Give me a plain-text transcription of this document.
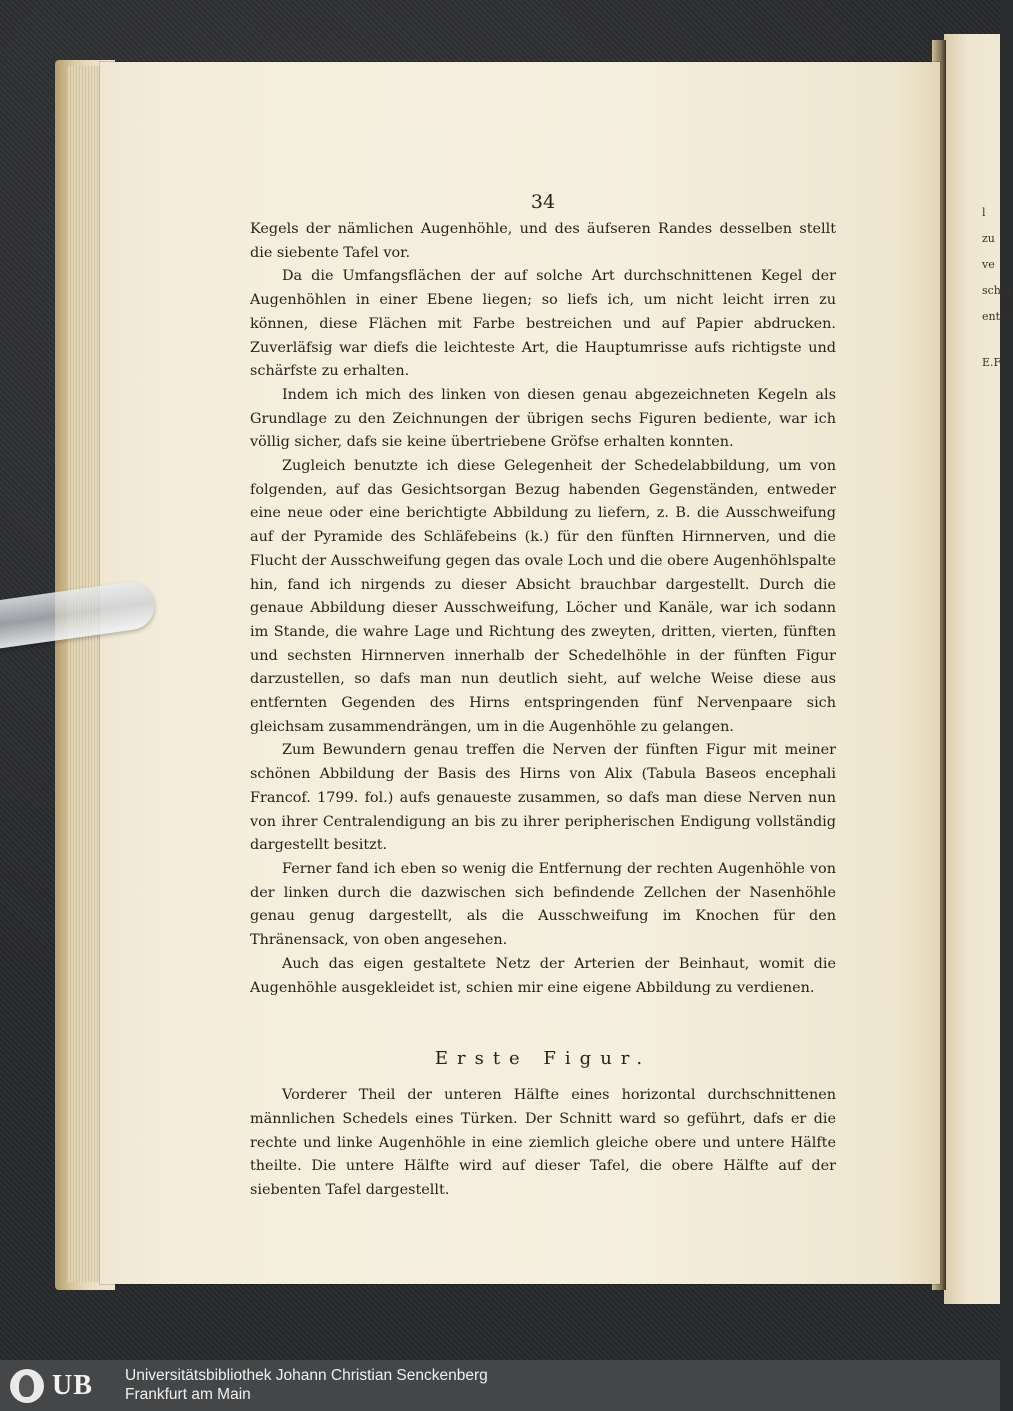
l
zu ve
schei
entsp
E.F
34

Kegels der nämlichen Augenhöhle, und des äufseren Randes desselben stellt die siebente Tafel vor.

Da die Umfangsflächen der auf solche Art durchschnittenen Kegel der Augenhöhlen in einer Ebene liegen; so liefs ich, um nicht leicht irren zu können, diese Flächen mit Farbe bestreichen und auf Papier abdrucken. Zuverläfsig war diefs die leichteste Art, die Hauptumrisse aufs richtigste und schärfste zu erhalten.

Indem ich mich des linken von diesen genau abgezeichneten Kegeln als Grundlage zu den Zeichnungen der übrigen sechs Figuren bediente, war ich völlig sicher, dafs sie keine übertriebene Gröfse erhalten konnten.

Zugleich benutzte ich diese Gelegenheit der Schedelabbildung, um von folgenden, auf das Gesichtsorgan Bezug habenden Gegenständen, entweder eine neue oder eine berichtigte Abbildung zu liefern, z. B. die Ausschweifung auf der Pyramide des Schläfebeins (k.) für den fünften Hirnnerven, und die Flucht der Ausschweifung gegen das ovale Loch und die obere Augenhöhlspalte hin, fand ich nirgends zu dieser Absicht brauchbar dargestellt. Durch die genaue Abbildung dieser Ausschweifung, Löcher und Kanäle, war ich sodann im Stande, die wahre Lage und Richtung des zweyten, dritten, vierten, fünften und sechsten Hirnnerven innerhalb der Schedelhöhle in der fünften Figur darzustellen, so dafs man nun deutlich sieht, auf welche Weise diese aus entfernten Gegenden des Hirns entspringenden fünf Nervenpaare sich gleichsam zusammendrängen, um in die Augenhöhle zu gelangen.

Zum Bewundern genau treffen die Nerven der fünften Figur mit meiner schönen Abbildung der Basis des Hirns von Alix (Tabula Baseos encephali Francof. 1799. fol.) aufs genaueste zusammen, so dafs man diese Nerven nun von ihrer Centralendigung an bis zu ihrer peripherischen Endigung vollständig dargestellt besitzt.

Ferner fand ich eben so wenig die Entfernung der rechten Augenhöhle von der linken durch die dazwischen sich befindende Zellchen der Nasenhöhle genau genug dargestellt, als die Ausschweifung im Knochen für den Thränensack, von oben angesehen.

Auch das eigen gestaltete Netz der Arterien der Beinhaut, womit die Augenhöhle ausgekleidet ist, schien mir eine eigene Abbildung zu verdienen.

Erste Figur.

Vorderer Theil der unteren Hälfte eines horizontal durchschnittenen männlichen Schedels eines Türken. Der Schnitt ward so geführt, dafs er die rechte und linke Augenhöhle in eine ziemlich gleiche obere und untere Hälfte theilte. Die untere Hälfte wird auf dieser Tafel, die obere Hälfte auf der siebenten Tafel dargestellt.

UB Universitätsbibliothek Johann Christian Senckenberg
Frankfurt am Main
